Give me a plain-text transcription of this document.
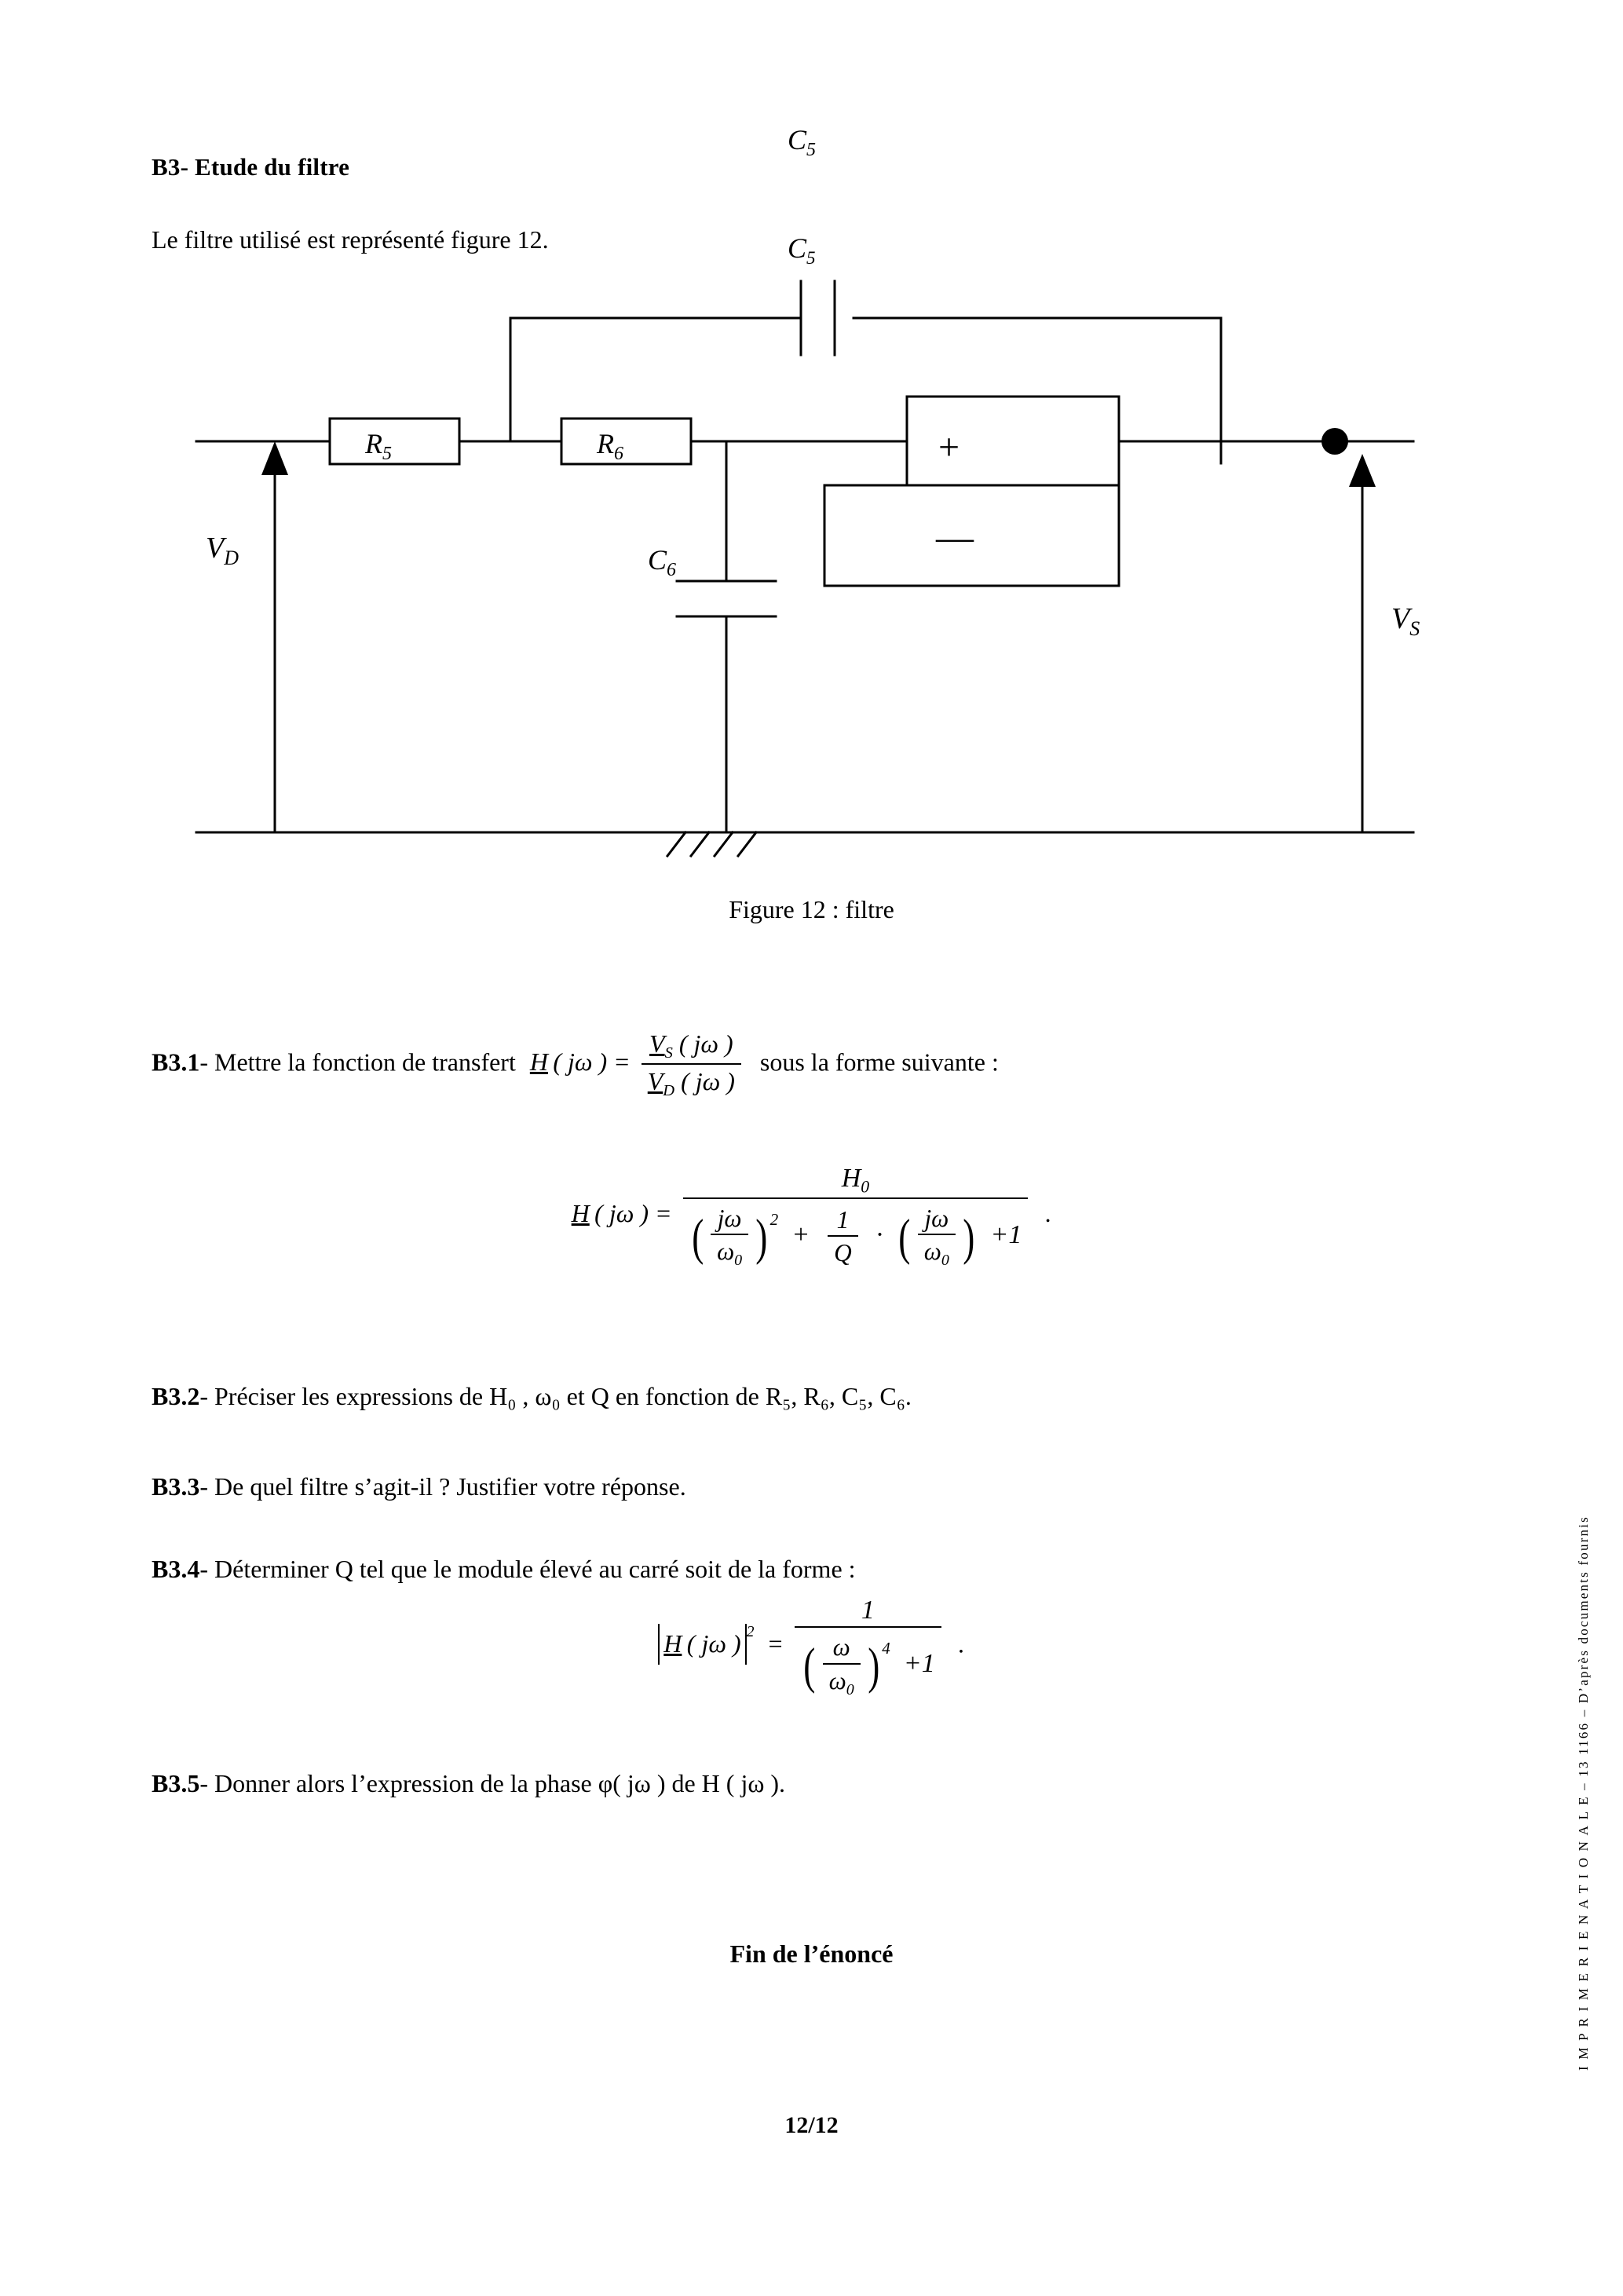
B3- Etude du filtre
Le filtre utilisé est représenté figure 12.
+
—
$R_5$	$R_6$
$C_5$
$C_6$
$V_D$
$V_S$
$C_5$
Figure 12 : filtre
B3.1- Mettre la fonction de transfert H ( jω ) = $\frac{V_S ( j\omega )}{V_D ( j\omega )}$ sous la forme suivante :
H ( jω ) =
$H_0$
( $\frac{j\omega}{\omega_0}$ ) $^2 + \frac{1}{Q}$ ·  ( $\frac{j\omega}{\omega_0}$ )  +1
.
B3.2- Préciser les expressions de H₀ , ω₀ et Q en fonction de R₅, R₆, C₅, C₆.
B3.3- De quel filtre s’agit-il ? Justifier votre réponse.
B3.4- Déterminer Q tel que le module élevé au carré soit de la forme :
H ( jω ) $^2 = \frac{1}{( \frac{\omega}{\omega_0} ) ^4 +1}$ .
B3.5- Donner alors l’expression de la phase φ( jω ) de H ( jω ).
Fin de l’énoncé
12/12
I M P R I M E R I E N A T I O N A L E – 13 1166 – D’après documents fournis
